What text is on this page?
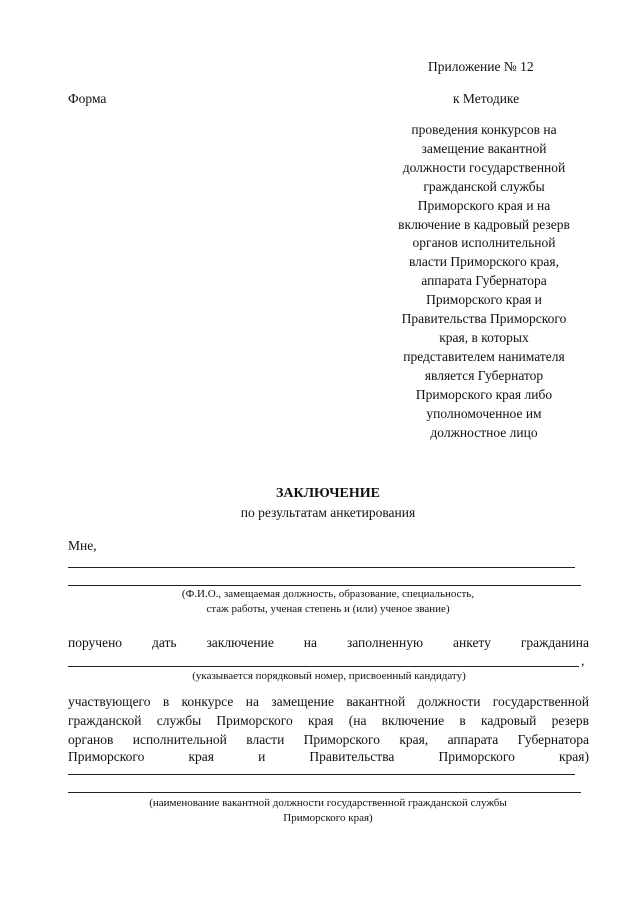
Приложение № 12
Форма	к Методике
проведения конкурсов на
замещение вакантной
должности государственной
гражданской службы
Приморского края и на
включение в кадровый резерв
органов исполнительной
власти Приморского края,
аппарата Губернатора
Приморского края и
Правительства Приморского
края, в которых
представителем нанимателя
является Губернатор
Приморского края либо
уполномоченное им
должностное лицо
ЗАКЛЮЧЕНИЕ
по результатам анкетирования
Мне,
(Ф.И.О., замещаемая должность, образование, специальность,
стаж работы, ученая степень и (или) ученое звание)
поручено дать заключение на заполненную анкету гражданина
,
(указывается порядковый номер, присвоенный кандидату)
участвующего в конкурсе на замещение вакантной должности государственной
гражданской службы Приморского края (на включение в кадровый резерв
органов исполнительной власти Приморского края, аппарата Губернатора
Приморского	края	и	Правительства	Приморского	края)
(наименование вакантной должности государственной гражданской службы
Приморского края)
